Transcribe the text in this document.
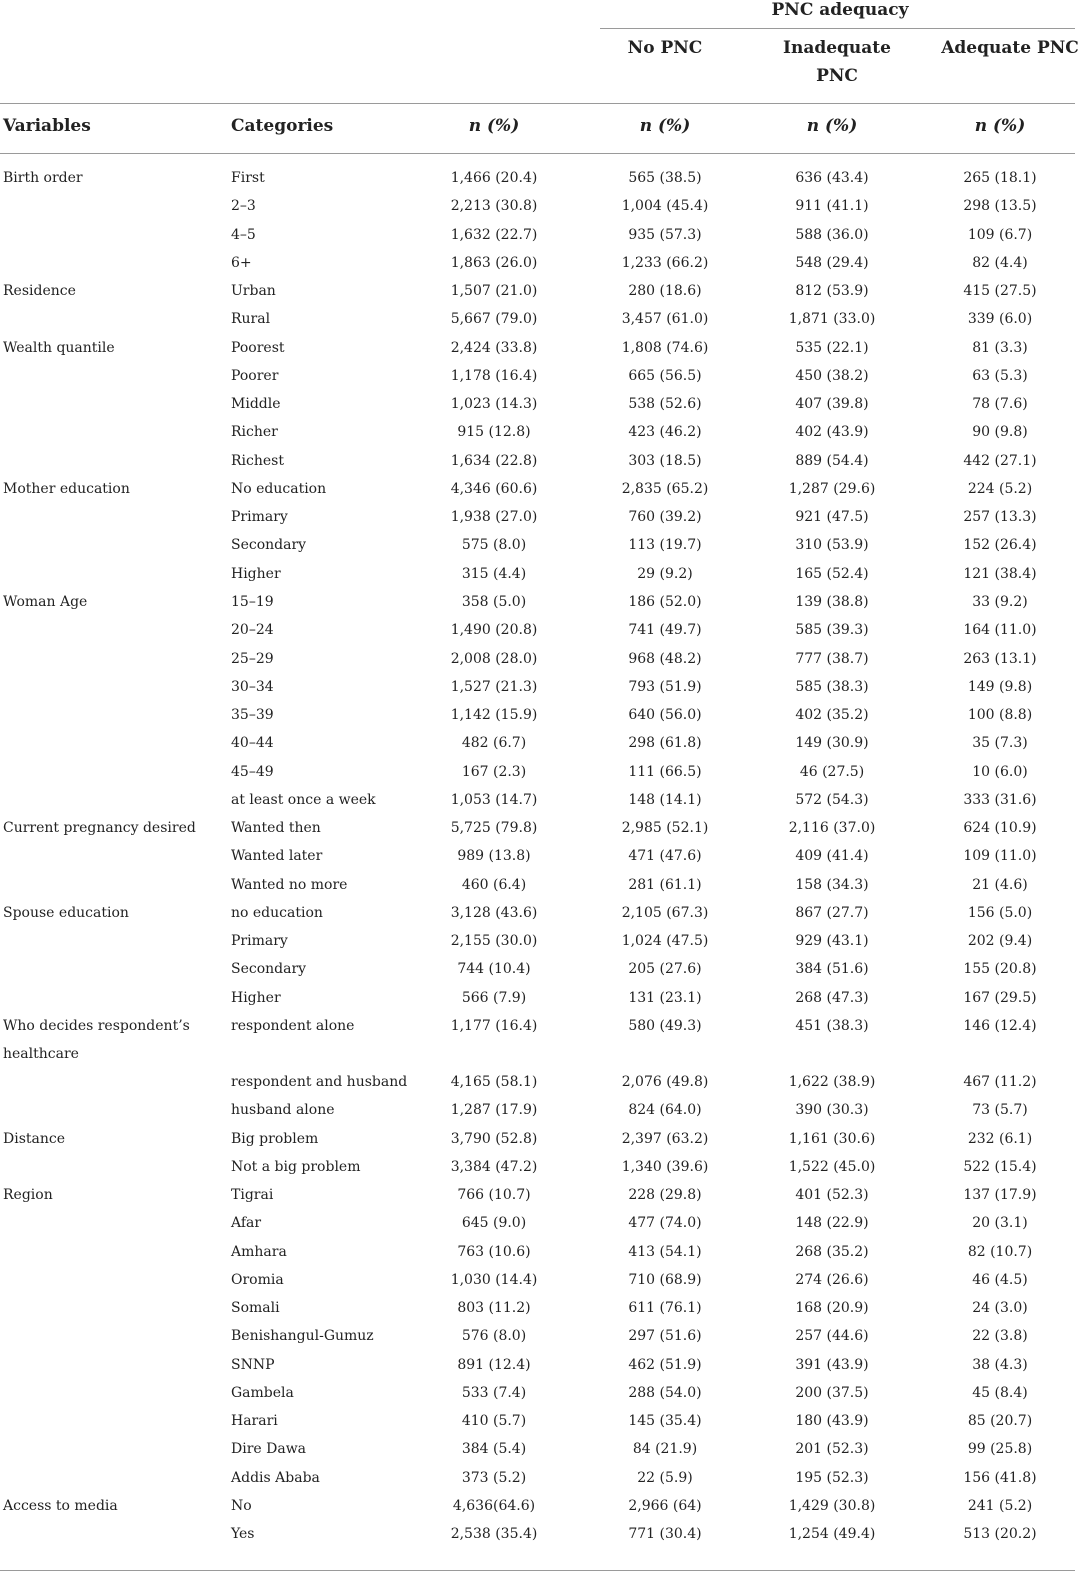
PNC adequacy
No PNC	Inadequate PNC
Adequate PNC
Variables	Categories	n (%)	n (%)	n (%)	n (%)
Birth order	First	1,466 (20.4)	565 (38.5)	636 (43.4)	265 (18.1)
2–3	2,213 (30.8)	1,004 (45.4)	911 (41.1)	298 (13.5)
4–5	1,632 (22.7)	935 (57.3)	588 (36.0)	109 (6.7)
6+	1,863 (26.0)	1,233 (66.2)	548 (29.4)	82 (4.4)
Residence	Urban	1,507 (21.0)	280 (18.6)	812 (53.9)	415 (27.5)
Rural	5,667 (79.0)	3,457 (61.0)	1,871 (33.0)	339 (6.0)
Wealth quantile	Poorest	2,424 (33.8)	1,808 (74.6)	535 (22.1)	81 (3.3)
Poorer	1,178 (16.4)	665 (56.5)	450 (38.2)	63 (5.3)
Middle	1,023 (14.3)	538 (52.6)	407 (39.8)	78 (7.6)
Richer	915 (12.8)	423 (46.2)	402 (43.9)	90 (9.8)
Richest	1,634 (22.8)	303 (18.5)	889 (54.4)	442 (27.1)
Mother education	No education	4,346 (60.6)	2,835 (65.2)	1,287 (29.6)	224 (5.2)
Primary	1,938 (27.0)	760 (39.2)	921 (47.5)	257 (13.3)
Secondary	575 (8.0)	113 (19.7)	310 (53.9)	152 (26.4)
Higher	315 (4.4)	29 (9.2)	165 (52.4)	121 (38.4)
Woman Age	15–19	358 (5.0)	186 (52.0)	139 (38.8)	33 (9.2)
20–24	1,490 (20.8)	741 (49.7)	585 (39.3)	164 (11.0)
25–29	2,008 (28.0)	968 (48.2)	777 (38.7)	263 (13.1)
30–34	1,527 (21.3)	793 (51.9)	585 (38.3)	149 (9.8)
35–39	1,142 (15.9)	640 (56.0)	402 (35.2)	100 (8.8)
40–44	482 (6.7)	298 (61.8)	149 (30.9)	35 (7.3)
45–49	167 (2.3)	111 (66.5)	46 (27.5)	10 (6.0)
at least once a week	1,053 (14.7)	148 (14.1)	572 (54.3)	333 (31.6)
Current pregnancy desired	Wanted then	5,725 (79.8)	2,985 (52.1)	2,116 (37.0)	624 (10.9)
Wanted later	989 (13.8)	471 (47.6)	409 (41.4)	109 (11.0)
Wanted no more	460 (6.4)	281 (61.1)	158 (34.3)	21 (4.6)
Spouse education	no education	3,128 (43.6)	2,105 (67.3)	867 (27.7)	156 (5.0)
Primary	2,155 (30.0)	1,024 (47.5)	929 (43.1)	202 (9.4)
Secondary	744 (10.4)	205 (27.6)	384 (51.6)	155 (20.8)
Higher	566 (7.9)	131 (23.1)	268 (47.3)	167 (29.5)
Who decides respondent’s healthcare
respondent alone	1,177 (16.4)	580 (49.3)	451 (38.3)	146 (12.4)
respondent and husband	4,165 (58.1)	2,076 (49.8)	1,622 (38.9)	467 (11.2)
husband alone	1,287 (17.9)	824 (64.0)	390 (30.3)	73 (5.7)
Distance	Big problem	3,790 (52.8)	2,397 (63.2)	1,161 (30.6)	232 (6.1)
Not a big problem	3,384 (47.2)	1,340 (39.6)	1,522 (45.0)	522 (15.4)
Region	Tigrai	766 (10.7)	228 (29.8)	401 (52.3)	137 (17.9)
Afar	645 (9.0)	477 (74.0)	148 (22.9)	20 (3.1)
Amhara	763 (10.6)	413 (54.1)	268 (35.2)	82 (10.7)
Oromia	1,030 (14.4)	710 (68.9)	274 (26.6)	46 (4.5)
Somali	803 (11.2)	611 (76.1)	168 (20.9)	24 (3.0)
Benishangul-Gumuz	576 (8.0)	297 (51.6)	257 (44.6)	22 (3.8)
SNNP	891 (12.4)	462 (51.9)	391 (43.9)	38 (4.3)
Gambela	533 (7.4)	288 (54.0)	200 (37.5)	45 (8.4)
Harari	410 (5.7)	145 (35.4)	180 (43.9)	85 (20.7)
Dire Dawa	384 (5.4)	84 (21.9)	201 (52.3)	99 (25.8)
Addis Ababa	373 (5.2)	22 (5.9)	195 (52.3)	156 (41.8)
Access to media	No	4,636(64.6)	2,966 (64)	1,429 (30.8)	241 (5.2)
Yes	2,538 (35.4)	771 (30.4)	1,254 (49.4)	513 (20.2)
